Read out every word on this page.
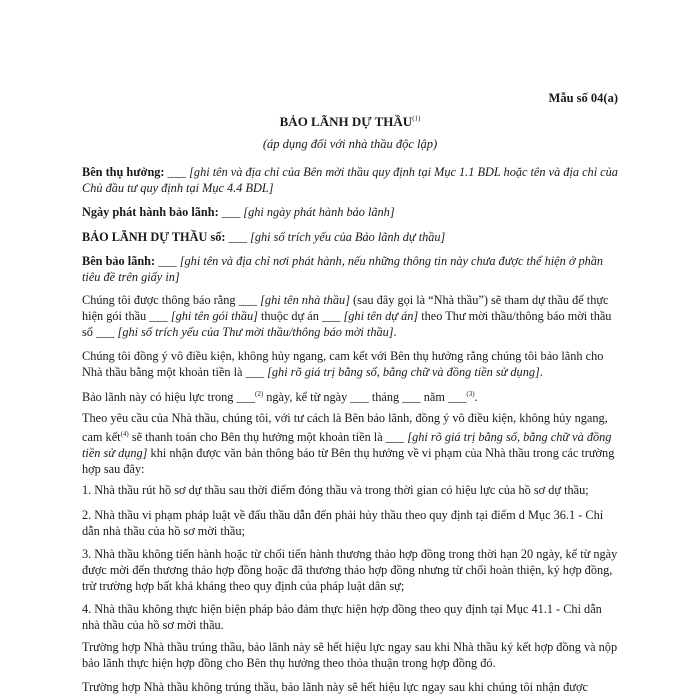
Mẫu số 04(a)
BẢO LÃNH DỰ THẦU$^{(1)}$
(áp dụng đối với nhà thầu độc lập)

Bên thụ hưởng: ___ [ghi tên và địa chỉ của Bên mời thầu quy định tại Mục 1.1 BDL hoặc tên và địa chỉ của Chủ đầu tư quy định tại Mục 4.4 BDL]

Ngày phát hành bảo lãnh: ___ [ghi ngày phát hành bảo lãnh]

BẢO LÃNH DỰ THẦU số: ___ [ghi số trích yếu của Bảo lãnh dự thầu]

Bên bảo lãnh: ___ [ghi tên và địa chỉ nơi phát hành, nếu những thông tin này chưa được thể hiện ở phần tiêu đề trên giấy in]

Chúng tôi được thông báo rằng ___ [ghi tên nhà thầu] (sau đây gọi là “Nhà thầu”) sẽ tham dự thầu để thực hiện gói thầu ___ [ghi tên gói thầu] thuộc dự án ___ [ghi tên dự án] theo Thư mời thầu/thông báo mời thầu số ___ [ghi số trích yếu của Thư mời thầu/thông báo mời thầu].

Chúng tôi đồng ý vô điều kiện, không hủy ngang, cam kết với Bên thụ hưởng rằng chúng tôi bảo lãnh cho Nhà thầu bằng một khoản tiền là ___ [ghi rõ giá trị bằng số, bằng chữ và đồng tiền sử dụng].

Bảo lãnh này có hiệu lực trong ___$^{(2)}$ ngày, kể từ ngày ___ tháng ___ năm ___$^{(3)}$.

Theo yêu cầu của Nhà thầu, chúng tôi, với tư cách là Bên bảo lãnh, đồng ý vô điều kiện, không hủy ngang, cam kết$^{(4)}$ sẽ thanh toán cho Bên thụ hưởng một khoản tiền là ___ [ghi rõ giá trị bằng số, bằng chữ và đồng tiền sử dụng] khi nhận được văn bản thông báo từ Bên thụ hưởng về vi phạm của Nhà thầu trong các trường hợp sau đây:

1. Nhà thầu rút hồ sơ dự thầu sau thời điểm đóng thầu và trong thời gian có hiệu lực của hồ sơ dự thầu;

2. Nhà thầu vi phạm pháp luật về đấu thầu dẫn đến phải hủy thầu theo quy định tại điểm d Mục 36.1 - Chỉ dẫn nhà thầu của hồ sơ mời thầu;

3. Nhà thầu không tiến hành hoặc từ chối tiến hành thương thảo hợp đồng trong thời hạn 20 ngày, kể từ ngày được mời đến thương thảo hợp đồng hoặc đã thương thảo hợp đồng nhưng từ chối hoàn thiện, ký hợp đồng, trừ trường hợp bất khả kháng theo quy định của pháp luật dân sự;

4. Nhà thầu không thực hiện biện pháp bảo đảm thực hiện hợp đồng theo quy định tại Mục 41.1 - Chỉ dẫn nhà thầu của hồ sơ mời thầu.

Trường hợp Nhà thầu trúng thầu, bảo lãnh này sẽ hết hiệu lực ngay sau khi Nhà thầu ký kết hợp đồng và nộp bảo lãnh thực hiện hợp đồng cho Bên thụ hưởng theo thỏa thuận trong hợp đồng đó.

Trường hợp Nhà thầu không trúng thầu, bảo lãnh này sẽ hết hiệu lực ngay sau khi chúng tôi nhận được
